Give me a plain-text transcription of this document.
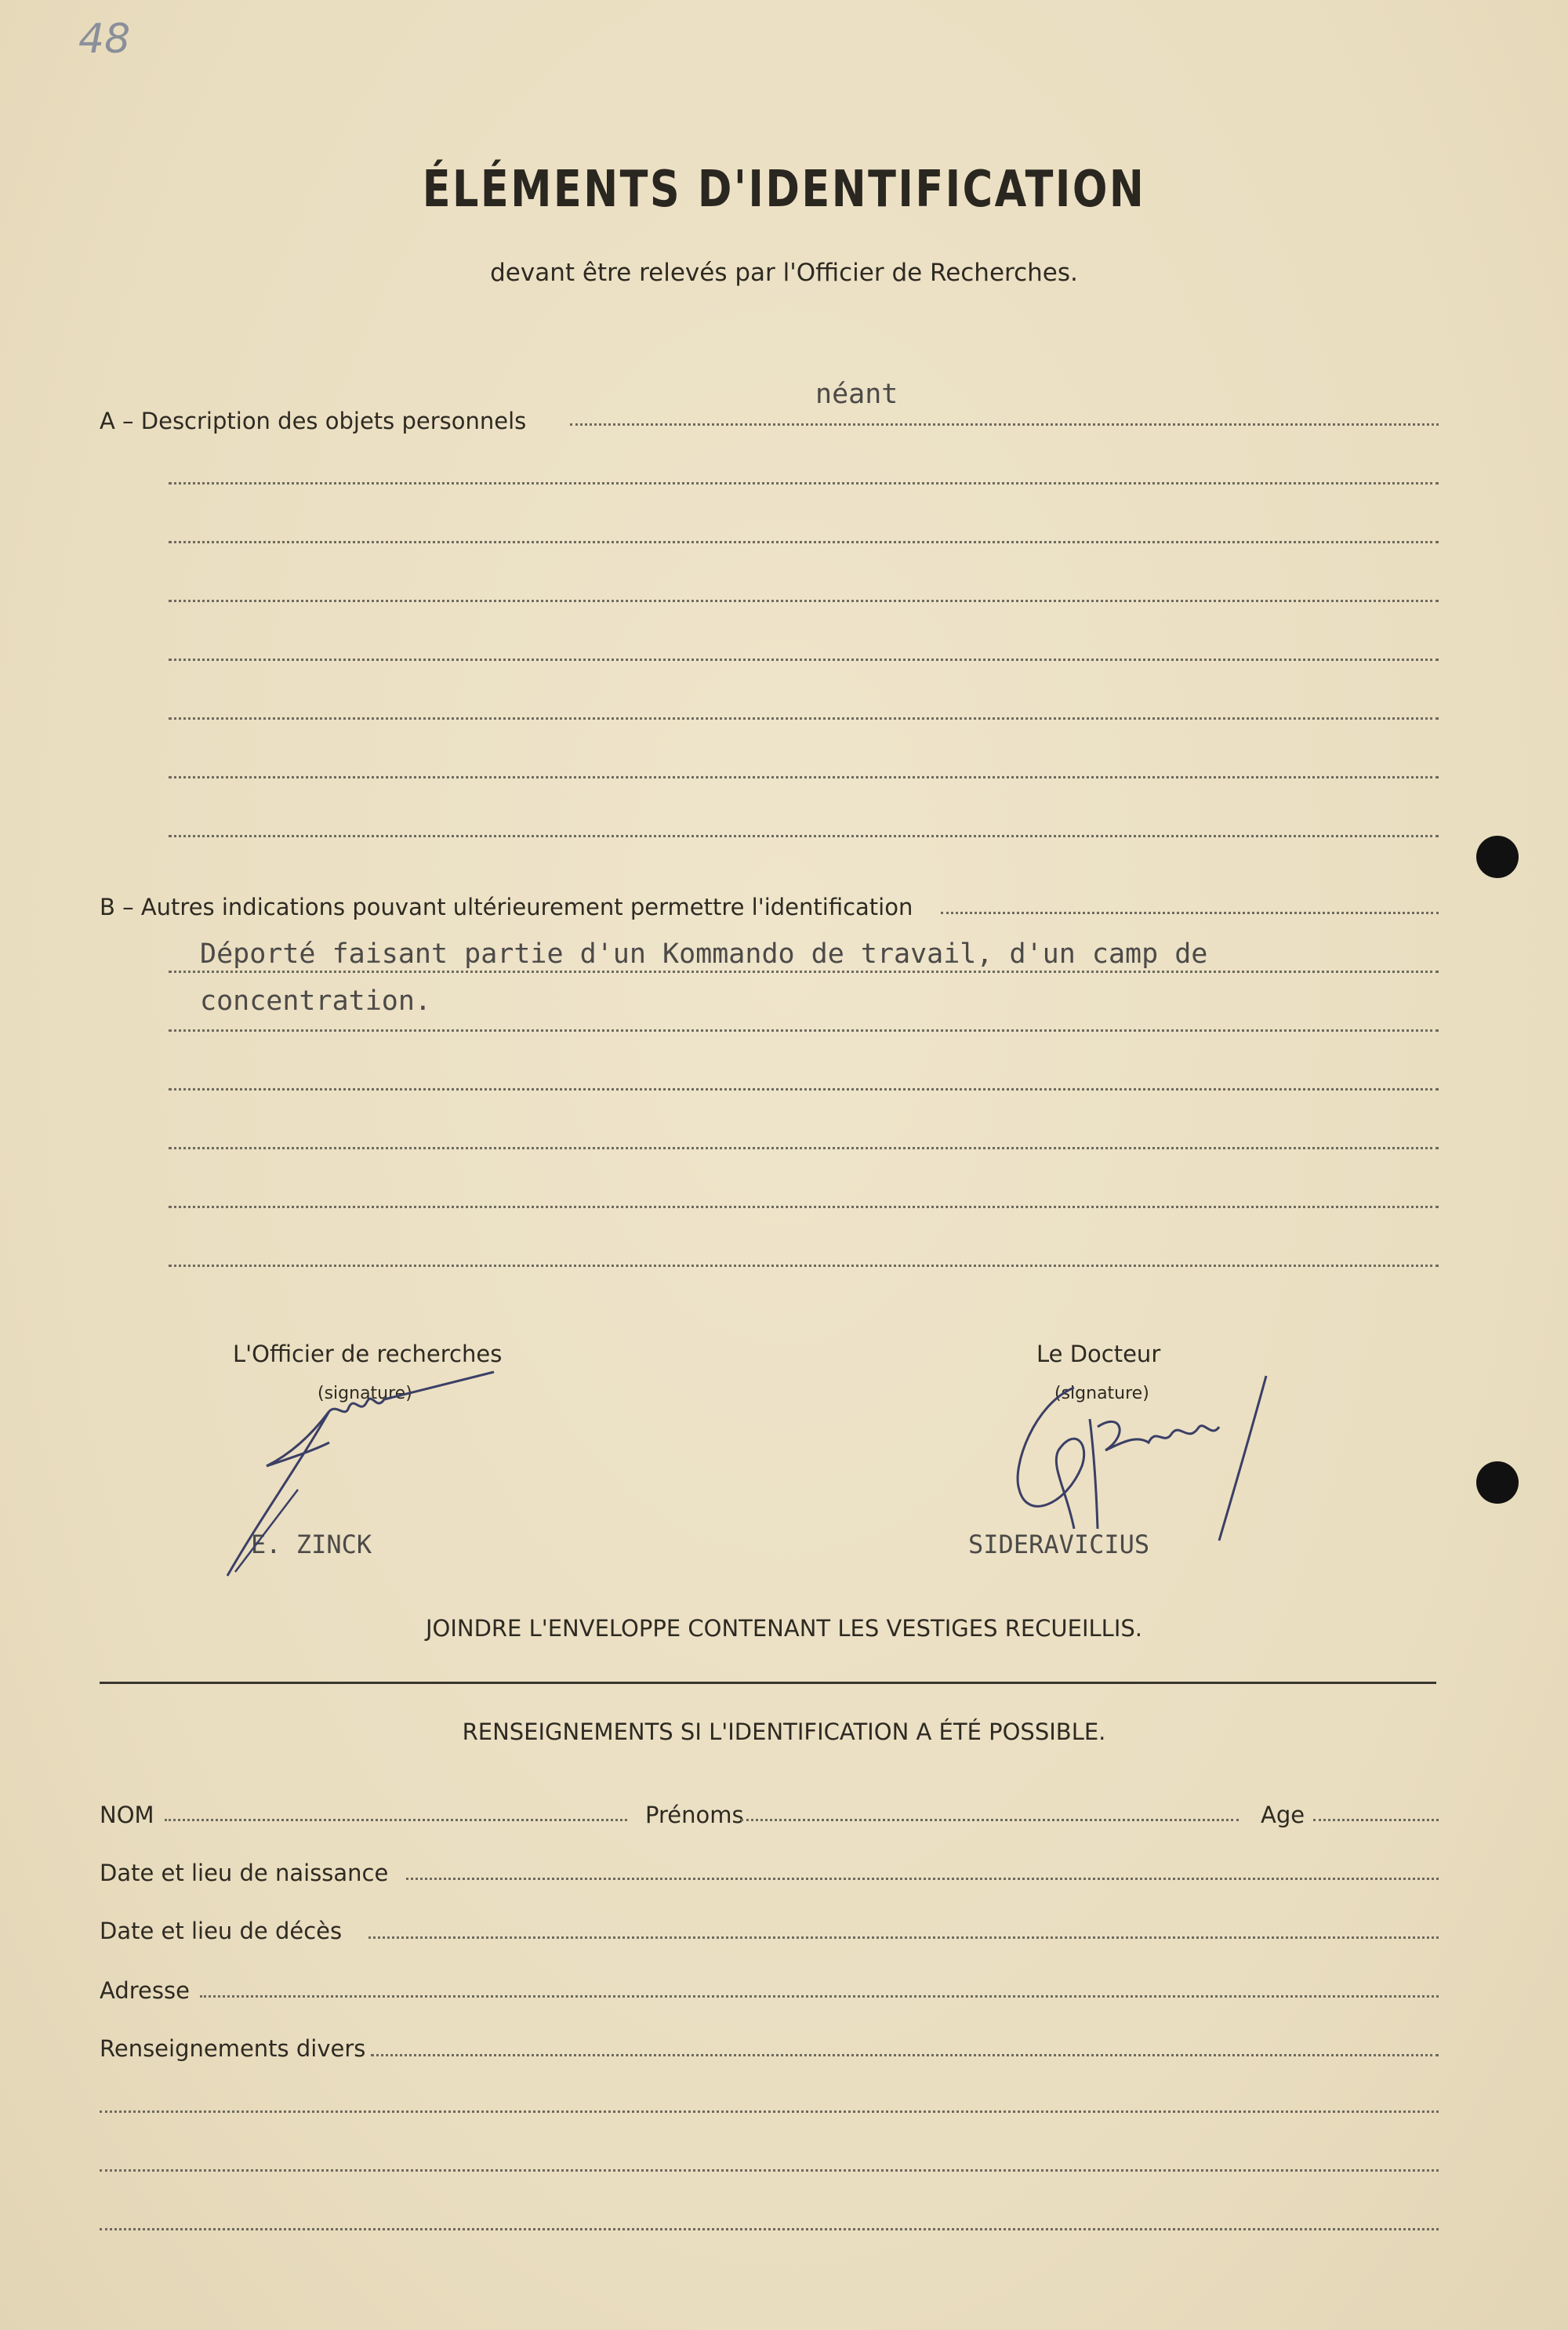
48
ÉLÉMENTS D'IDENTIFICATION
devant être relevés par l'Officier de Recherches.
A – Description des objets personnels
néant
B – Autres indications pouvant ultérieurement permettre l'identification
Déporté faisant partie d'un Kommando de travail, d'un camp de
concentration.
L'Officier de recherches
(signature)
E. ZINCK
Le Docteur
(signature)
SIDERAVICIUS
JOINDRE L'ENVELOPPE CONTENANT LES VESTIGES RECUEILLIS.
RENSEIGNEMENTS SI L'IDENTIFICATION A ÉTÉ POSSIBLE.
NOM	Prénoms	Age
Date et lieu de naissance
Date et lieu de décès
Adresse
Renseignements divers
